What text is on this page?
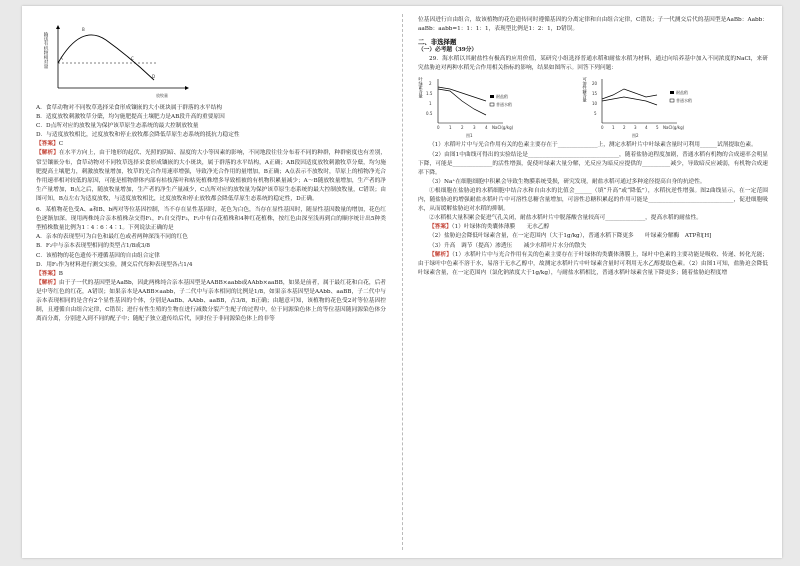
A
B
C
D
放牧量
输送有机物相对量
A．食草动物对不同牧草选择采食形成镶嵌的大小斑块属于群落的水平结构
B．适度放牧刺激牧草分蘖，均匀施肥提高土壤肥力是AB段升高的重要原因
C．D点所对应的放牧量为保护该草原生态系统的最大控制放牧量
D．与适度放牧相比，过度放牧和停止放牧都会降低草原生态系统的抵抗力稳定性
【答案】C
【解析】在水平方向上，由于地形的起伏、光照的阴暗、湿度的大小等因素的影响，不同地段往往分布着不同的种群，种群密度也有差别，常呈镶嵌分布，食草动物对不同牧草选择采食形成镶嵌的大小斑块，属于群落的水平结构，A正确；AB段因适度放牧刺激牧草分蘖，均匀施肥提高土壤肥力，刺激放牧量增加，牧草的光合作用速率增强，导致净光合作用的量增加，B正确；A点表示不放牧时，草原上的植物净光合作用速率相对较低的原因，可能是植物群体内部有枯枝落叶和枯死植株增多导致植被的有机物积累量减少；A～B随放牧量增加，生产者的净生产量增加，B点之后，随放牧量增加，生产者的净生产量减少，C点所对应的放牧量为保护该草原生态系统的最大控制放牧量，C错误；由图可知，B点左右为适度放牧，与适度放牧相比，过度放牧和停止放牧都会降低草原生态系统的稳定性，D正确。
6．某植物花色受A、a和B、b两对等位基因控制，当不存在显性基因时，花色为白色，当存在显性基因时，随显性基因数量的增加，花色红色逐渐加深。现用两株纯合亲本植株杂交得F₁，F₁自交得F₂，F₂中有白花植株和4种红花植株，按红色由深至浅再到白的顺序统计出5种类型植株数量比例为1∶4∶6∶4∶1。下列说法正确的是
A．亲本的表现型可为白色和最红色或者两种深浅不同的红色
B．F₂中与亲本表现型相同的类型占1/8或3/8
C．该植物的花色遗传不遵循基因的自由组合定律
D．用F₁作为材料进行测交实验，测交后代每种表现型各占1/4
【答案】B
【解析】由于子一代的基因型是AaBb，因此两株纯合亲本基因型是AABB×aabb或AAbb×aaBB，如果是前者，属于最红花和白花，后者是中等红色的红花，A错误；如果亲本是AABB×aabb，子二代中与亲本相同的比例是1/8，如果亲本基因型是AAbb、aaBB，子二代中与亲本表现相同的是含有2个显性基因的个体，分别是AaBb、AAbb、aaBB，占3/8，B正确；由题意可知，该植物的花色受2对等位基因控制，且遵循自由组合定律，C错误；进行有性生殖的生物在进行减数分裂产生配子的过程中，位于同源染色体上的等位基因随同源染色体分离而分离，分别进入到不同的配子中；随配子独立遗传给后代，同时位于非同源染色体上的非等
位基因进行自由组合，故该植物的花色遗传同时遵循基因的分离定律和自由组合定律，C错误；子一代测交后代的基因型是AaBb：Aabb：aaBb：aabb=1：1：1：1，表现型比例是1：2：1，D错误。
二、非选择题
（一）必考题（39分）
29．海水稻以其耐盐性有极高的应用价值，某研究小组选择普通水稻和耐盐水稻为材料，通过向培养基中加入不同浓度的NaCl，来研究盐胁迫对两种水稻光合作用相关指标的影响，结果如图所示。回答下列问题：
2
1.5
1
0.5
0 1 2 3 4 NaCl(g/kg)
耐盐稻
普通水稻
图1
叶绿素含量	20
15
10
5
0 1 2 3 4 5 NaCl(g/kg)
耐盐稻
普通水稻
图2
可溶性糖含量
（1）水稻叶片中与光合作用有关的色素主要存在于______________上，测定水稻叶片中叶绿素含量时可利用______试剂提取色素。
（2）由图1中曲线可得出的实验结论是________________________________，随着盐胁迫程度加剧，普通水稻有机物的合成速率会明显下降，可能是______________的活性增强，促使叶绿素大量分解，光反应为暗反应提供的__________减少，导致暗反应减弱，有机物合成速率下降。
（3）Na⁺在细胞细胞中积累会导致生物膜系统受损，研究发现，耐盐水稻可通过多种途径提高自身的抗逆性。
①根细胞在盐胁迫的水稻细胞中结合水和自由水的比值会______（填“升高”或“降低”），水稻抗逆性增强。图2曲线显示，在一定范围内，随盐胁迫的增强耐盐水稻叶片中可溶性总糖含量增加，可溶性总糖积累起的作用可能是______________________________，促进细胞吸水，从而缓解盐胁迫对水稻的抑制。
②水稻根大量积累会促进气孔关闭，耐盐水稻叶片中脱落酸含量较高可______________，提高水稻的耐盐性。
【答案】（1）叶绿体的类囊体薄膜　　无水乙醇
（2）盐胁迫会降低叶绿素含量，在一定范围内（大于1g/kg），普通水稻下降更多　　叶绿素分解酶　ATP和[H]
（3）升高　调节（提高）渗透压　　减少水稻叶片水分的散失
【解析】（1）水稻叶片中与光合作用有关的色素主要存在于叶绿体的类囊体薄膜上，绿叶中色素的主要功能是吸收、传递、转化光能；由于绿叶中色素不溶于水，易溶于无水乙醇中，故测定水稻叶片中叶绿素含量时可利用无水乙醇提取色素。（2）由图1可知，盐胁迫会降低叶绿素含量，在一定范围内（氯化钠浓度大于1g/kg），与耐盐水稻相比，普通水稻叶绿素含量下降更多；随着盐胁迫程度增
